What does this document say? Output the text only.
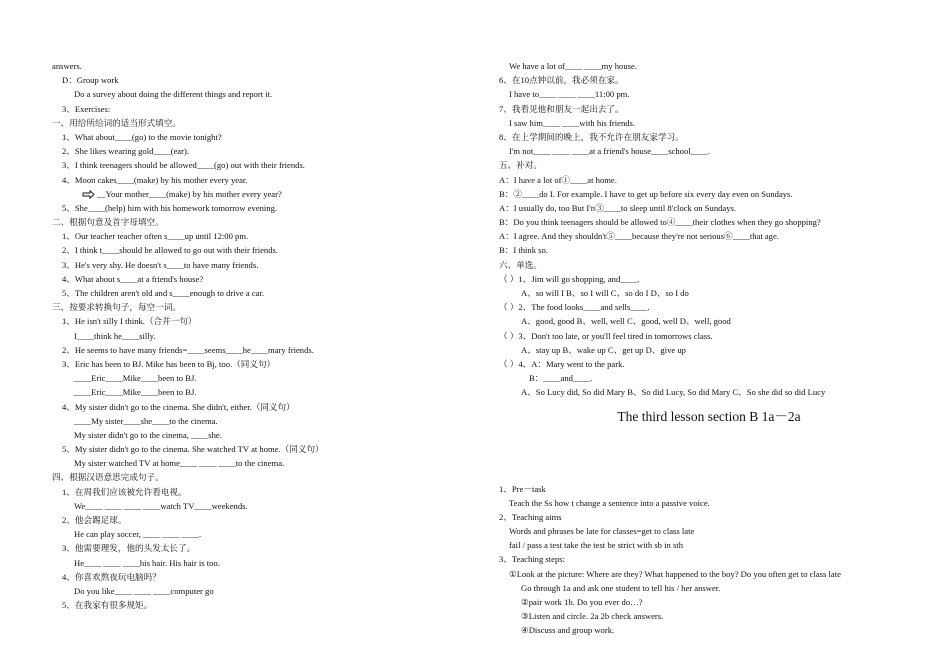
answers.
D：Group work
Do a survey about doing the different things and report it.
3、Exercises:
一、用给所给词的适当形式填空。
1、What about____(go) to the movie tonight?
2、She likes wearing gold____(ear).
3、I think teenagers should be allowed____(go) out with their friends.
4、Moon cakes____(make) by his mother every year.
__Your mother____(make) by his mother every year?
5、She____(help) him with his homework tomorrow evening.
二、根据句意及首字母填空。
1、Our teacher teacher often s____up until 12:00 pm.
2、I think t____should be allowed to go out with their friends.
3、He's very shy. He doesn't s____to have many friends.
4、What about s____at a friend's house?
5、The children aren't old and s____enough to drive a car.
三、按要求转换句子，每空一词。
1、He isn't silly I think.（合并一句）
I____think he____silly.
2、He seems to have many friends=____seems____he____mary friends.
3、Eric has been to BJ. Mike has been to Bj, too.（同义句）
____Eric____Mike____been to BJ.
____Eric____Mike____been to BJ.
4、My sister didn't go to the cinema. She didn't, either.（同义句）
____My sister____she____to the cinema.
My sister didn't go to the cinema, ____she.
5、My sister didn't go to the cinema. She watched TV at home.（同义句）
My sister watched TV at home____ ____ ____to the cinema.
四、根据汉语意思完成句子。
1、在周我们应该被允许看电视。
We____ ____ ____ ____watch TV____weekends.
2、他会踢足球。
He can play soccer, ____ ____ ____.
3、他需要理发，他的头发太长了。
He____ ____ ____his hair. His hair is too.
4、你喜欢熬夜玩电脑吗？
Do you like____ ____ ____computer go
5、在我家有很多规矩。
We have a lot of____ ____my house.
6、在10点钟以前，我必须在家。
I have to____ ____ ____11:00 pm.
7、我看见他和朋友一起出去了。
I saw him____ ____with his friends.
8、在上学期间的晚上，我不允许在朋友家学习。
I'm not____ ____ ____at a friend's house____school____.
五、补对。
A：I have a lot of①____at home.
B：②____do I. For example. I have to get up before six every day even on Sundays.
A：I usually do, too But I'n③____to sleep until 8'clock on Sundays.
B：Do you think teenagers should be allowed to④____their clothes when they go shopping?
A：I agree. And they shouldn't⑤____because they're not serious⑥____that age.
B：I think so.
六、单选。
（ ）1、Jim will go shopping, and____.
A、so will I B、so I will C、so do I D、so I do
（ ）2、The food looks____and sells____.
A、good, good B、well, well C、good, well D、well, good
（ ）3、Don't too late, or you'll feel tired in tomorrows class.
A、stay up B、wake up C、get up D、give up
（ ）4、A：Mary went to the park.
B：____and____.
A、So Lucy did, So did Mary B、So did Lucy, So did Mary C、So she did so did Lucy
The third lesson section B 1a－2a
1、Pre－task
Teach the Ss how t change a sentence into a passive voice.
2、Teaching aims
Words and phrases be late for classes=get to class late
fail / pass a test take the test be strict with sb in sth
3、Teaching steps:
①Look at the picture: Where are they? What happened to the boy? Do you often get to class late
Go through 1a and ask one student to tell his / her answer.
②pair work 1b. Do you ever do…?
③Listen and circle. 2a 2b check answers.
④Discuss and group work.
